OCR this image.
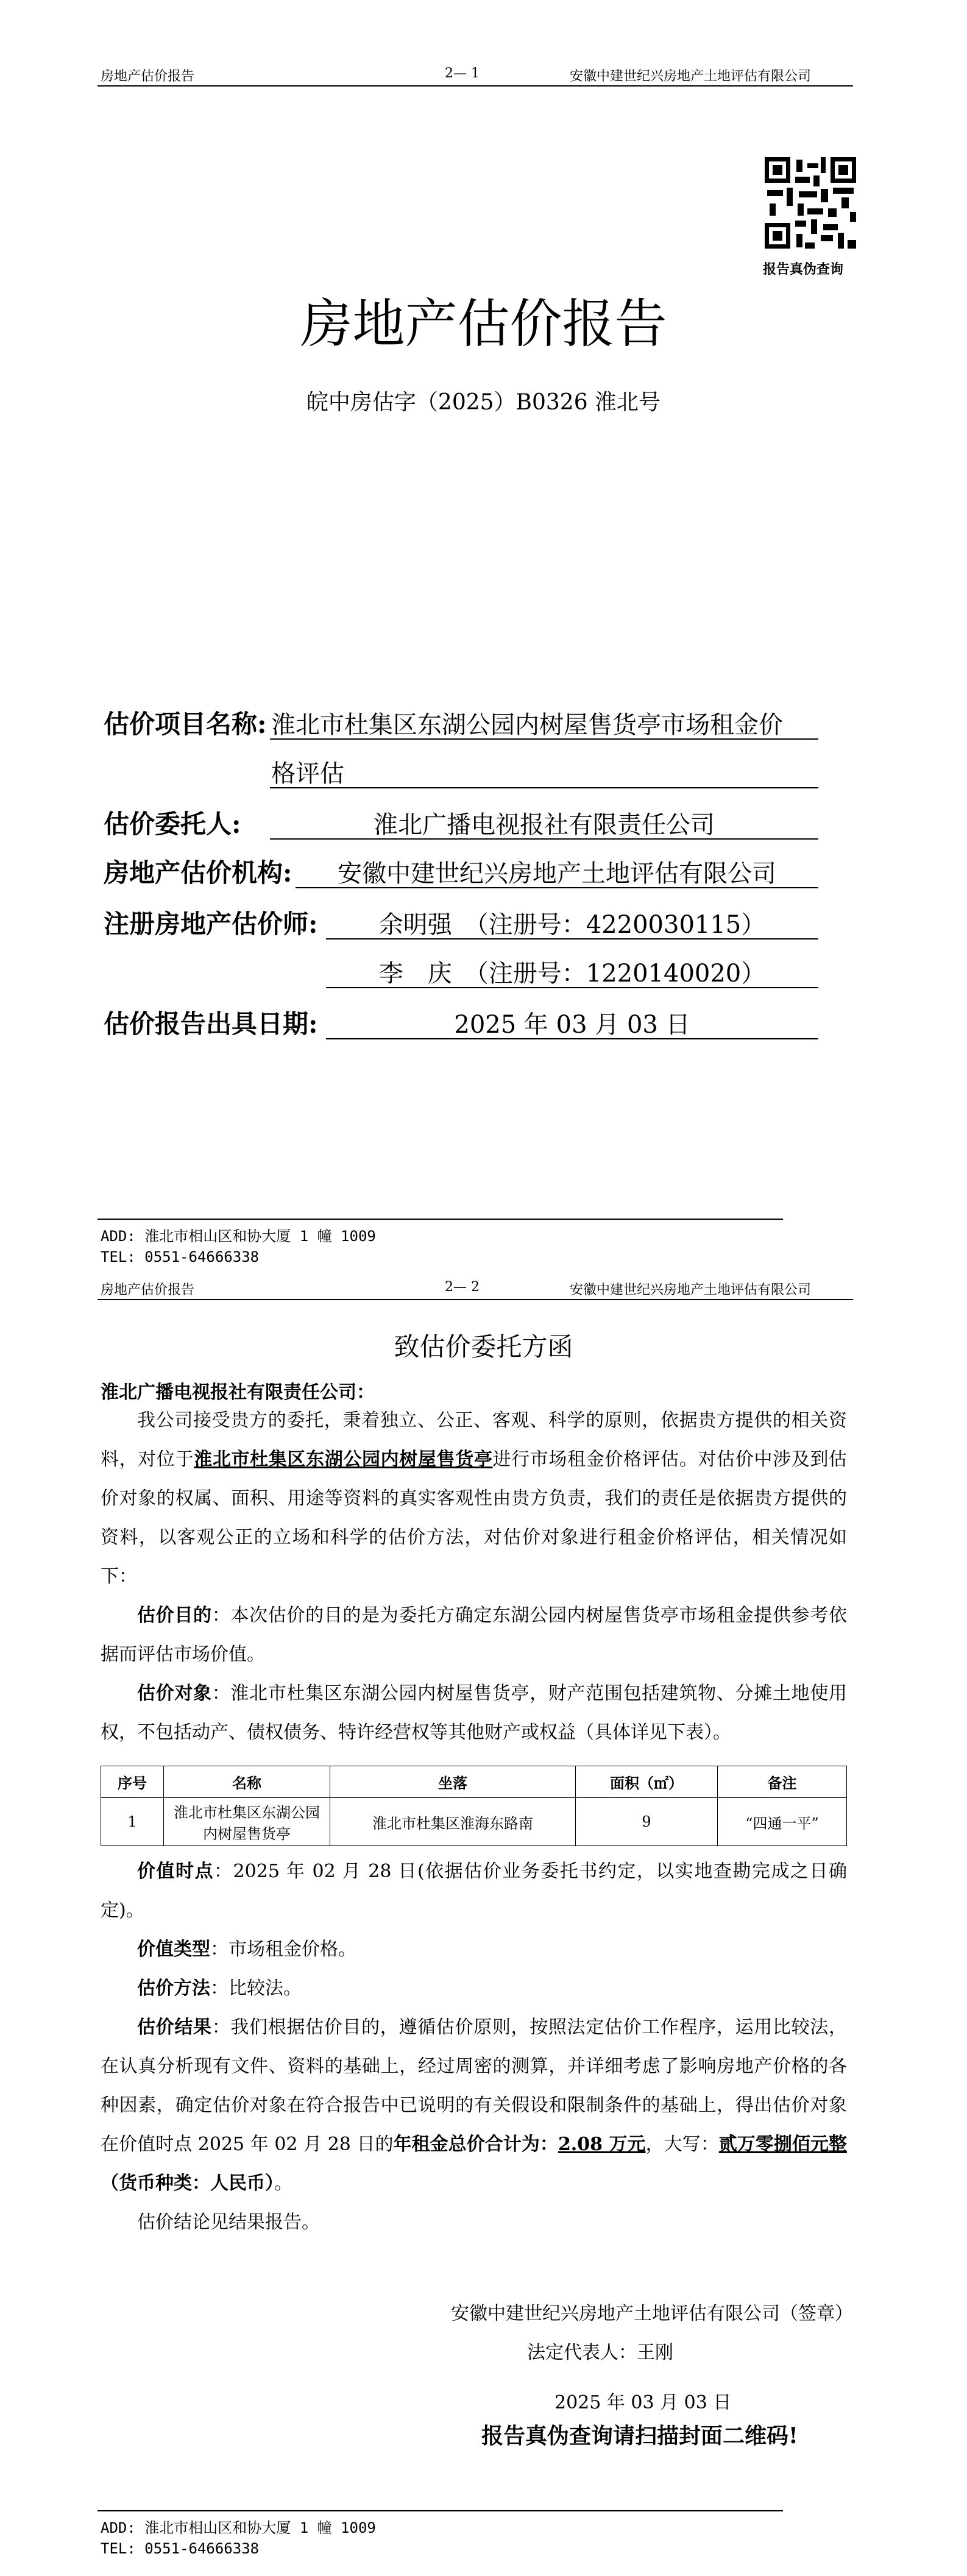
房地产估价报告	2— 1	安徽中建世纪兴房地产土地评估有限公司
报告真伪查询
房地产估价报告
皖中房估字（2025）B0326 淮北号
估价项目名称: 淮北市杜集区东湖公园内树屋售货亭市场租金价
格评估
估价委托人:	淮北广播电视报社有限责任公司
房地产估价机构:	安徽中建世纪兴房地产土地评估有限公司
注册房地产估价师:	余明强　（注册号：4220030115）
李　庆　（注册号：1220140020）
估价报告出具日期:	2025 年 03 月 03 日
ADD: 淮北市相山区和协大厦 1 幢 1009
TEL: 0551-64666338
房地产估价报告	2— 2	安徽中建世纪兴房地产土地评估有限公司
致估价委托方函
淮北广播电视报社有限责任公司：

我公司接受贵方的委托，秉着独立、公正、客观、科学的原则，依据贵方提供的相关资料，对位于淮北市杜集区东湖公园内树屋售货亭进行市场租金价格评估。对估价中涉及到估价对象的权属、面积、用途等资料的真实客观性由贵方负责，我们的责任是依据贵方提供的资料，以客观公正的立场和科学的估价方法，对估价对象进行租金价格评估，相关情况如下：

估价目的：本次估价的目的是为委托方确定东湖公园内树屋售货亭市场租金提供参考依据而评估市场价值。

估价对象：淮北市杜集区东湖公园内树屋售货亭，财产范围包括建筑物、分摊土地使用权，不包括动产、债权债务、特许经营权等其他财产或权益（具体详见下表）。

序号	名称	坐落	面积（㎡）	备注
1	淮北市杜集区东湖公园内树屋售货亭	淮北市杜集区淮海东路南	9	“四通一平”

价值时点：2025 年 02 月 28 日(依据估价业务委托书约定，以实地查勘完成之日确定)。

价值类型：市场租金价格。

估价方法：比较法。

估价结果：我们根据估价目的，遵循估价原则，按照法定估价工作程序，运用比较法，在认真分析现有文件、资料的基础上，经过周密的测算，并详细考虑了影响房地产价格的各种因素，确定估价对象在符合报告中已说明的有关假设和限制条件的基础上，得出估价对象在价值时点 2025 年 02 月 28 日的年租金总价合计为：2.08 万元，大写：贰万零捌佰元整（货币种类：人民币）。

估价结论见结果报告。

安徽中建世纪兴房地产土地评估有限公司（签章）
法定代表人：王刚
2025 年 03 月 03 日
报告真伪查询请扫描封面二维码!
ADD: 淮北市相山区和协大厦 1 幢 1009
TEL: 0551-64666338
